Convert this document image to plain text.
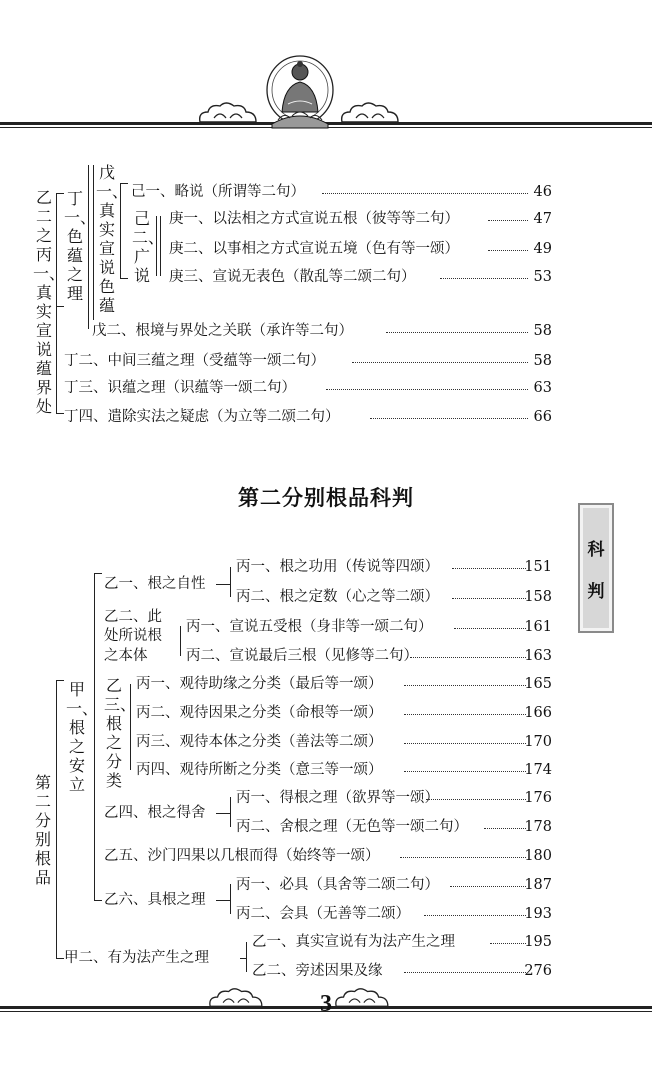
乙二之丙一、真实宣说蕴界处
丁一、色蕴之理
戊一、真实宣说色蕴
己一、略说（所谓等二句）	46
己二、广说
庚一、以法相之方式宣说五根（彼等等二句）	47
庚二、以事相之方式宣说五境（色有等一颂）	49
庚三、宣说无表色（散乱等二颂二句）	53
戊二、根境与界处之关联（承许等二句）	58
丁二、中间三蕴之理（受蕴等一颂二句）	58
丁三、识蕴之理（识蕴等一颂二句）	63
丁四、遣除实法之疑虑（为立等二颂二句）	66
第二分别根品科判
科
判
第二分别根品
甲一、根之安立
乙一、根之自性
丙一、根之功用（传说等四颂）	151
丙二、根之定数（心之等二颂）	158
乙二、此
处所说根
之本体
丙一、宣说五受根（身非等一颂二句）	161
丙二、宣说最后三根（见修等二句）	163
乙三、根之分类
丙一、观待助缘之分类（最后等一颂）	165
丙二、观待因果之分类（命根等一颂）	166
丙三、观待本体之分类（善法等二颂）	170
丙四、观待所断之分类（意三等一颂）	174
乙四、根之得舍
丙一、得根之理（欲界等一颂）	176
丙二、舍根之理（无色等一颂二句）	178
乙五、沙门四果以几根而得（始终等一颂）	180
乙六、具根之理
丙一、必具（具舍等二颂二句）	187
丙二、会具（无善等二颂）	193
甲二、有为法产生之理
乙一、真实宣说有为法产生之理	195
乙二、旁述因果及缘	276
3
